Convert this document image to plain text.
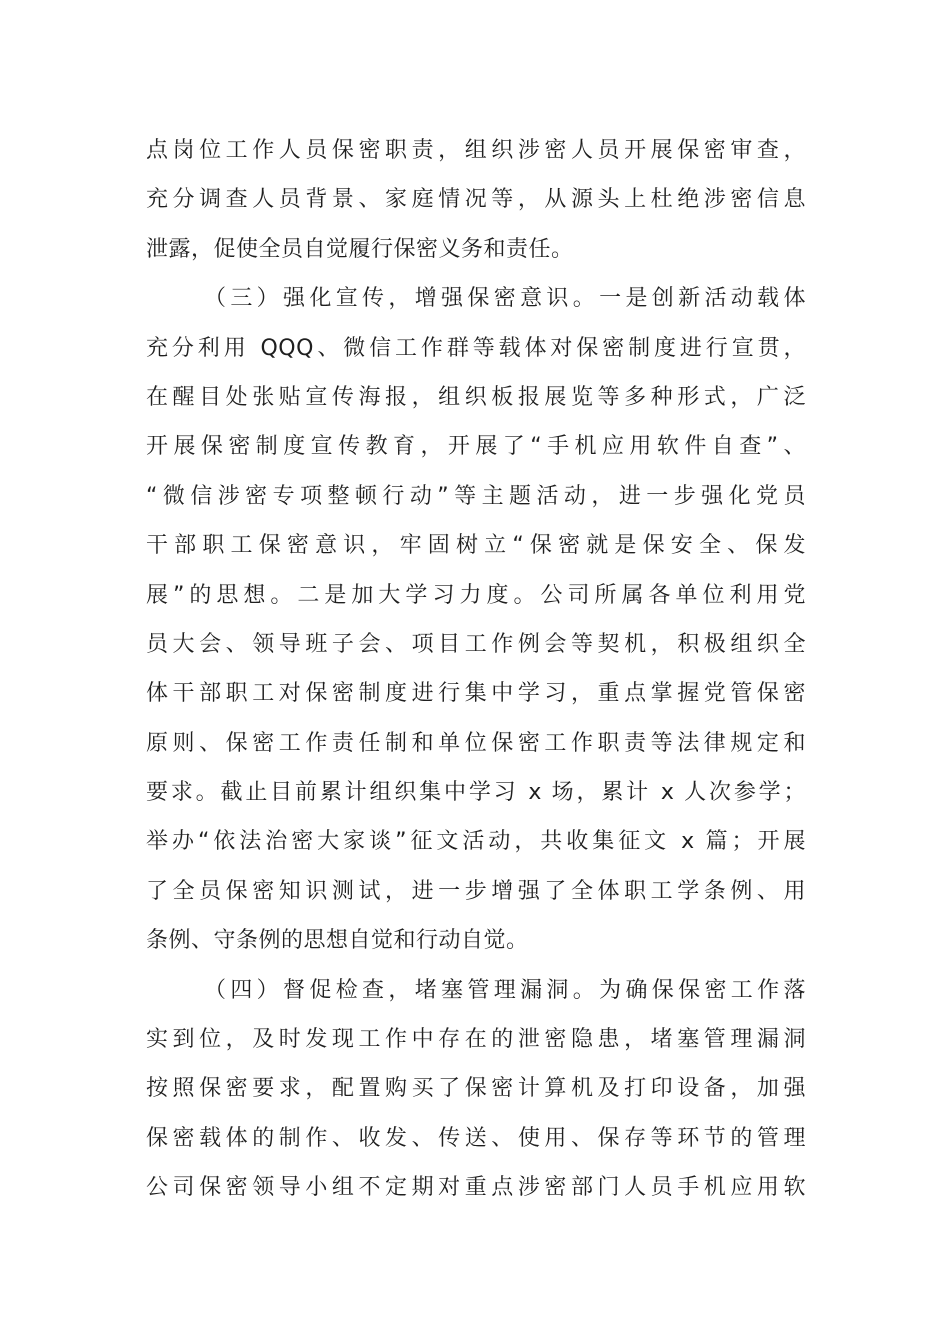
点岗位工作人员保密职责，组织涉密人员开展保密审查，
充分调查人员背景、家庭情况等，从源头上杜绝涉密信息
泄露，促使全员自觉履行保密义务和责任。
（三）强化宣传，增强保密意识。一是创新活动载体
充分利用 QQQ、微信工作群等载体对保密制度进行宣贯，
在醒目处张贴宣传海报，组织板报展览等多种形式，广泛
开展保密制度宣传教育，开展了“手机应用软件自查”、
“微信涉密专项整顿行动”等主题活动，进一步强化党员
干部职工保密意识，牢固树立“保密就是保安全、保发
展”的思想。二是加大学习力度。公司所属各单位利用党
员大会、领导班子会、项目工作例会等契机，积极组织全
体干部职工对保密制度进行集中学习，重点掌握党管保密
原则、保密工作责任制和单位保密工作职责等法律规定和
要求。截止目前累计组织集中学习 x 场，累计 x 人次参学；
举办“依法治密大家谈”征文活动，共收集征文 x 篇；开展
了全员保密知识测试，进一步增强了全体职工学条例、用
条例、守条例的思想自觉和行动自觉。
（四）督促检查，堵塞管理漏洞。为确保保密工作落
实到位，及时发现工作中存在的泄密隐患，堵塞管理漏洞
按照保密要求，配置购买了保密计算机及打印设备，加强
保密载体的制作、收发、传送、使用、保存等环节的管理
公司保密领导小组不定期对重点涉密部门人员手机应用软
